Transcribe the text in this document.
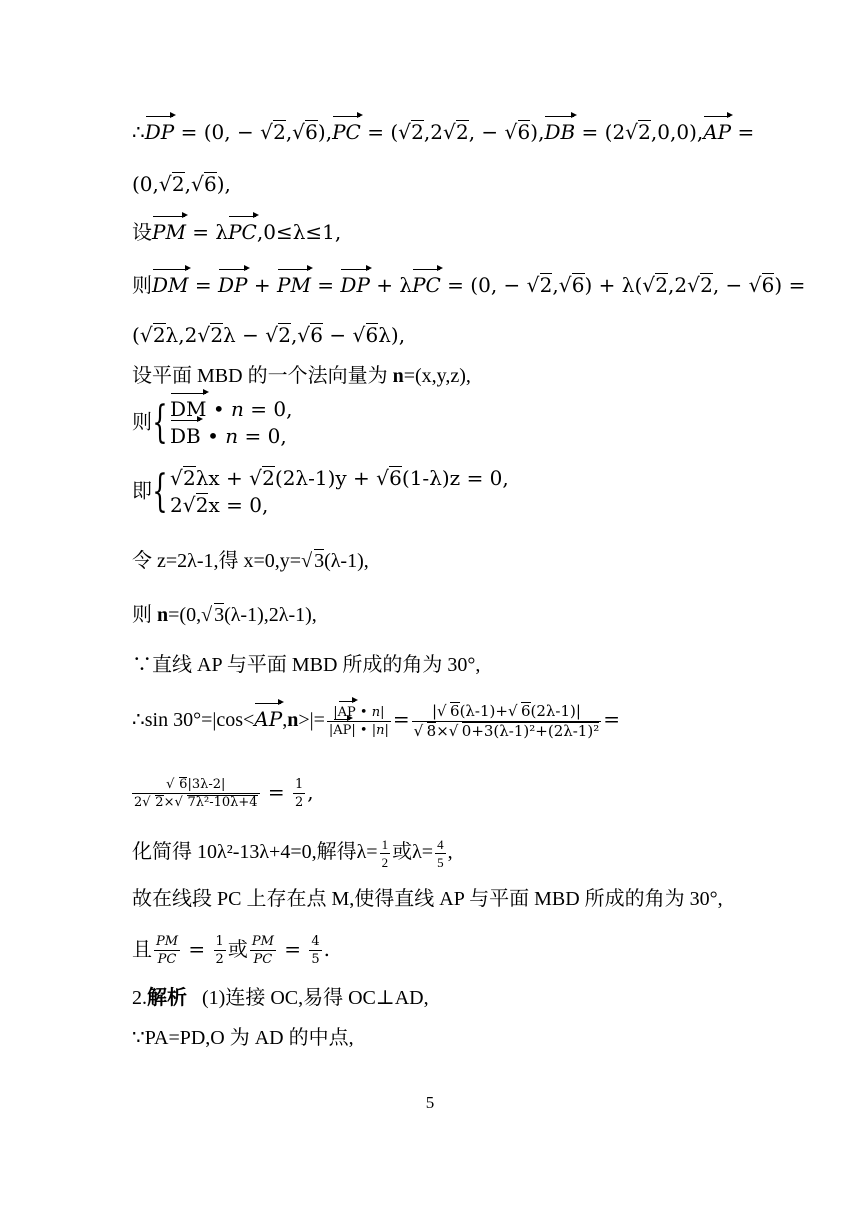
∴DP = (0, − √ 2, √ 6),PC = ( √ 2,2 √ 2, − √ 6),DB = (2 √ 2,0,0),AP =
(0, √ 2, √ 6),
设PM = λPC,0≤λ≤1,
则DM = DP + PM = DP + λPC = (0, − √ 2, √ 6) + λ( √ 2,2 √ 2, − √ 6) =
( √ 2λ,2 √ 2λ − √ 2, √ 6 − √ 6λ),
设平面 MBD 的一个法向量为 n=(x,y,z),
则{ DM • n = 0,
DB • n = 0,
即{ √ 2λx + √ 2(2λ-1)y + √ 6(1-λ)z = 0,
2 √ 2x = 0,
令 z=2λ-1,得 x=0,y= √ 3(λ-1),
则 n=(0, √ 3(λ-1),2λ-1),
∵直线 AP 与平面 MBD 所成的角为 30°,
∴sin $30^\circ=|\cos<AP,n>|= \frac{|AP • n|}{|AP| • |n|}$ = | √ 6(λ-1)+ √ 6(2λ-1)|
√ 8× √ 0+3(λ-1)²+(2λ-1)² =
√ $\frac{6|3\lambda-2|}{\text{2 √ 2× √ 7λ²-10λ+4}} = \frac{1}{2}$ ,
化简得 10λ²-13λ+4=0,解得$\lambda= \frac{1}{2}$ 或$\lambda= \frac{4}{5}$ ,
故在线段 PC 上存在点 M,使得直线 AP 与平面 MBD 所成的角为 30°,
且 $\frac{PM}{PC} = \frac{1}{2}$ 或 $\frac{PM}{PC} = \frac{4}{5}$ .
2.解析 (1)连接 OC,易得 OC⊥AD,
∵PA=PD,O 为 AD 的中点,
5
